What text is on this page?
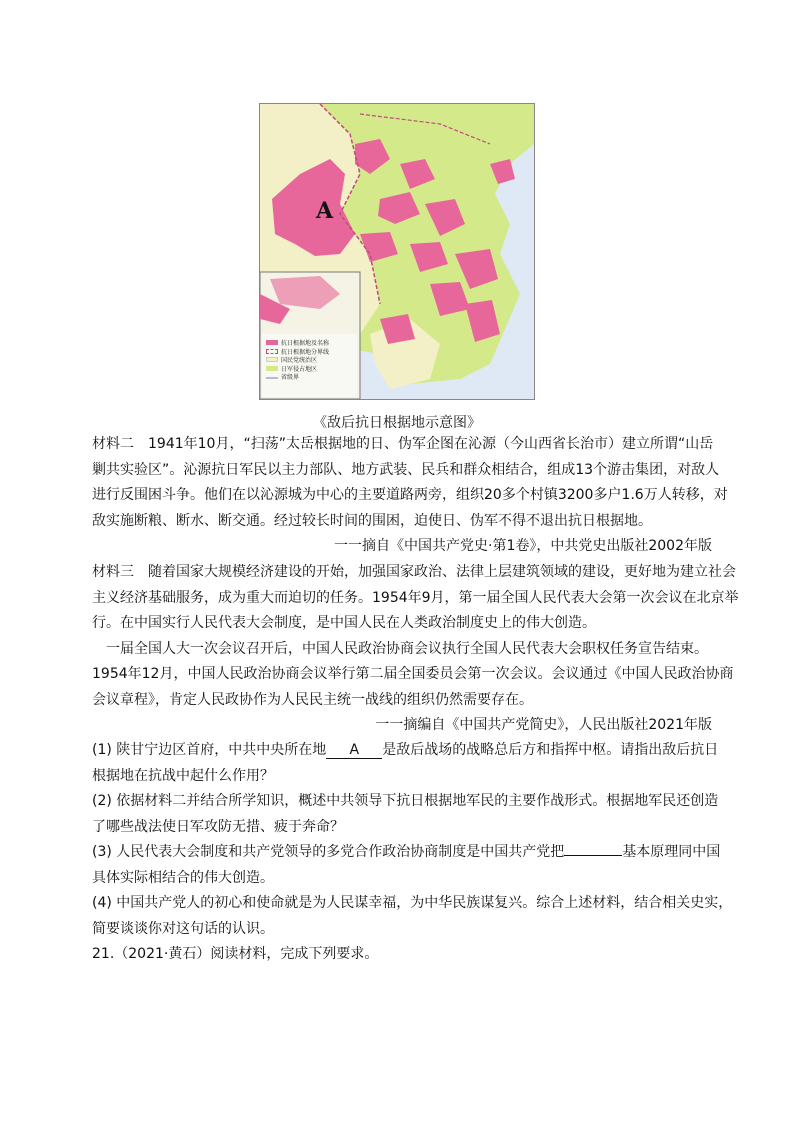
A
抗日根据地及名称
抗日根据地分界线
国民党统治区
日军侵占地区
省级界
《敌后抗日根据地示意图》

材料二　1941年10月，“扫荡”太岳根据地的日、伪军企图在沁源（今山西省长治市）建立所谓“山岳

剿共实验区”。沁源抗日军民以主力部队、地方武装、民兵和群众相结合，组成13个游击集团，对敌人

进行反围困斗争。他们在以沁源城为中心的主要道路两旁，组织20多个村镇3200多户1.6万人转移，对

敌实施断粮、断水、断交通。经过较长时间的围困，迫使日、伪军不得不退出抗日根据地。

一一摘自《中国共产党史·第1卷》，中共党史出版社2002年版

材料三　随着国家大规模经济建设的开始，加强国家政治、法律上层建筑领域的建设，更好地为建立社会

主义经济基础服务，成为重大而迫切的任务。1954年9月，第一届全国人民代表大会第一次会议在北京举

行。在中国实行人民代表大会制度，是中国人民在人类政治制度史上的伟大创造。

一届全国人大一次会议召开后，中国人民政治协商会议执行全国人民代表大会职权任务宣告结束。

1954年12月，中国人民政治协商会议举行第二届全国委员会第一次会议。会议通过《中国人民政治协商

会议章程》，肯定人民政协作为人民民主统一战线的组织仍然需要存在。

一一摘编自《中国共产党简史》，人民出版社2021年版

(1) 陕甘宁边区首府，中共中央所在地 A 是敌后战场的战略总后方和指挥中枢。请指出敌后抗日

根据地在抗战中起什么作用？

(2) 依据材料二并结合所学知识，概述中共领导下抗日根据地军民的主要作战形式。根据地军民还创造

了哪些战法使日军攻防无措、疲于奔命？

(3) 人民代表大会制度和共产党领导的多党合作政治协商制度是中国共产党把	基本原理同中国

具体实际相结合的伟大创造。

(4) 中国共产党人的初心和使命就是为人民谋幸福，为中华民族谋复兴。综合上述材料，结合相关史实，

简要谈谈你对这句话的认识。

21.（2021·黄石）阅读材料，完成下列要求。
